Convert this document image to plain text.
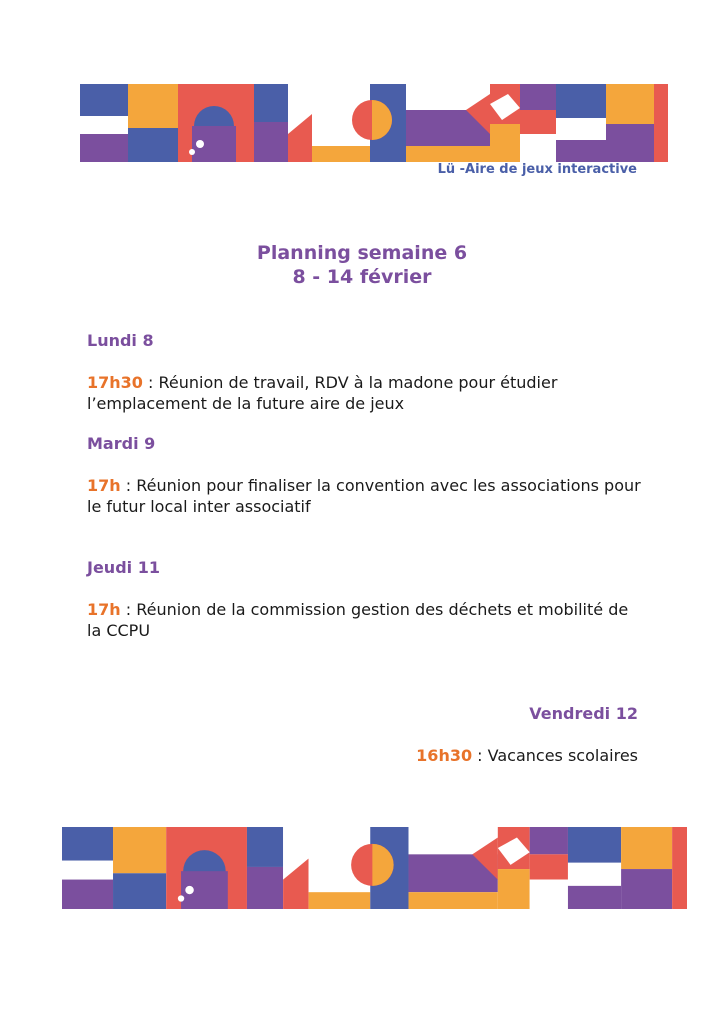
Lü -Aire de jeux interactive
Planning semaine 6
8 - 14 février
Lundi 8
17h30 : Réunion de travail, RDV à la madone pour étudier l’emplacement de la future aire de jeux
Mardi 9
17h : Réunion pour finaliser la convention avec les associations pour le futur local inter associatif
Jeudi 11
17h : Réunion de la commission gestion des déchets et mobilité de la CCPU
Vendredi 12
16h30 : Vacances scolaires
